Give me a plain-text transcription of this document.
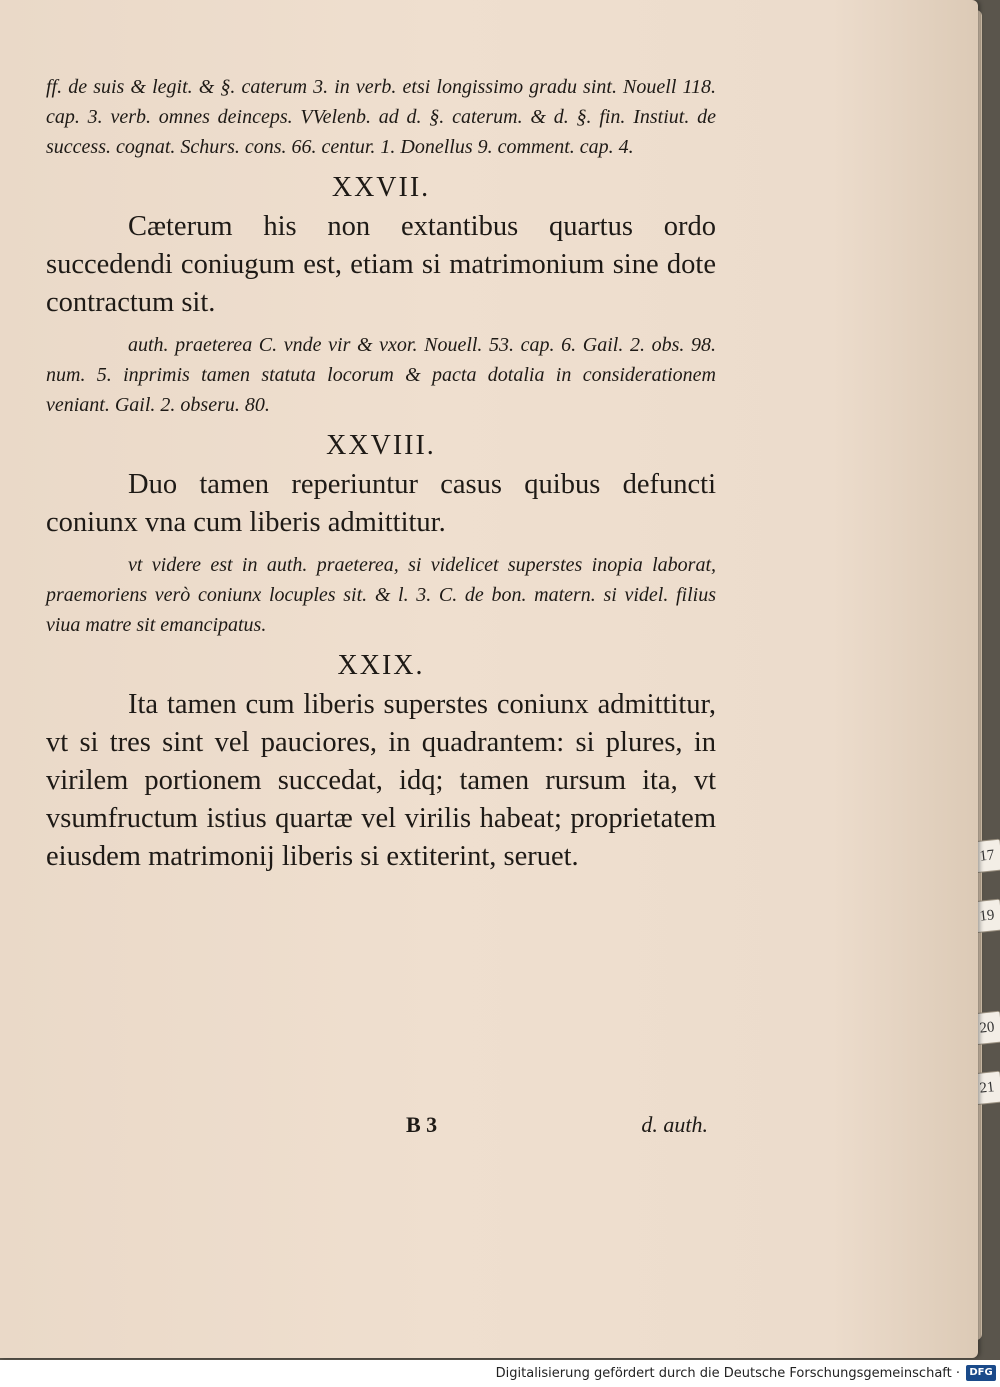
17
19
20
21

ff. de suis & legit. & §. caterum 3. in verb. etsi longissimo gradu sint. Nouell 118. cap. 3. verb. omnes deinceps. VVelenb. ad d. §. caterum. & d. §. fin. Instiut. de success. cognat. Schurs. cons. 66. centur. 1. Donellus 9. comment. cap. 4.

XXVII.

Cæterum his non extantibus quartus ordo succedendi coniugum est, etiam si matrimonium sine dote contractum sit.

auth. praeterea C. vnde vir & vxor. Nouell. 53. cap. 6. Gail. 2. obs. 98. num. 5. inprimis tamen statuta locorum & pacta dotalia in considerationem veniant. Gail. 2. obseru. 80.

XXVIII.

Duo tamen reperiuntur casus quibus defuncti coniunx vna cum liberis admittitur.

vt videre est in auth. praeterea, si videlicet superstes inopia laborat, praemoriens verò coniunx locuples sit. & l. 3. C. de bon. matern. si videl. filius viua matre sit emancipatus.

XXIX.

Ita tamen cum liberis superstes coniunx admittitur, vt si tres sint vel pauciores, in quadrantem: si plures, in virilem portionem succedat, idq; tamen rursum ita, vt vsumfructum istius quartæ vel virilis habeat; proprietatem eiusdem matrimonij liberis si extiterint, seruet.

B 3	d. auth.
Digitalisierung gefördert durch die Deutsche Forschungsgemeinschaft · DFG
